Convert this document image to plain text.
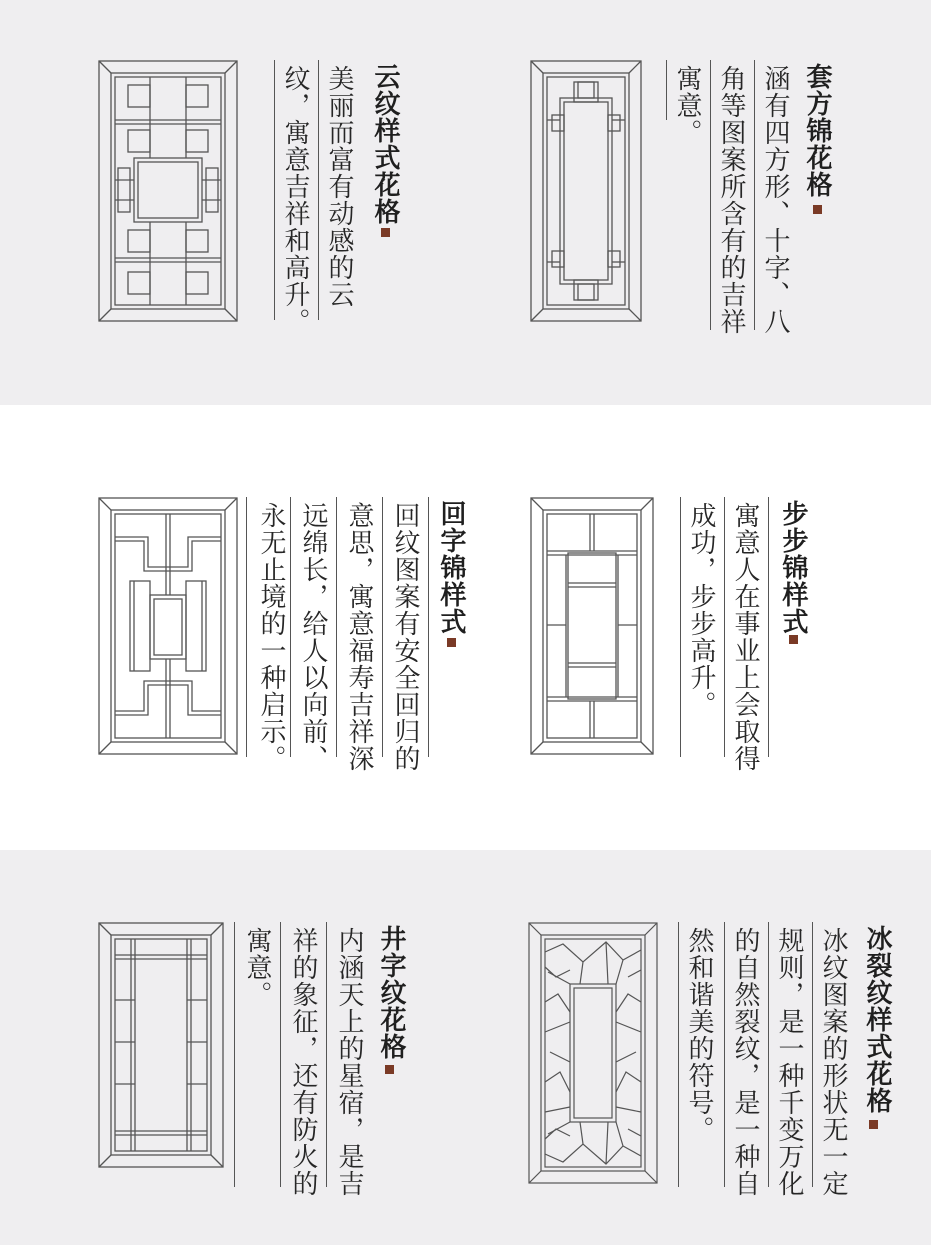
寓意。 角等图案所含有的吉祥 涵有四方形、十字、八 套方锦花格
纹，寓意吉祥和高升。 美丽而富有动感的云 云纹样式花格
成功，步步高升。 寓意人在事业上会取得 步步锦样式
永无止境的一种启示。 远绵长，给人以向前、 意思，寓意福寿吉祥深 回纹图案有安全回归的 回字锦样式
然和谐美的符号。 的自然裂纹，是一种自 规则，是一种千变万化 冰纹图案的形状无一定 冰裂纹样式花格
寓意。 祥的象征，还有防火的 内涵天上的星宿，是吉 井字纹花格
